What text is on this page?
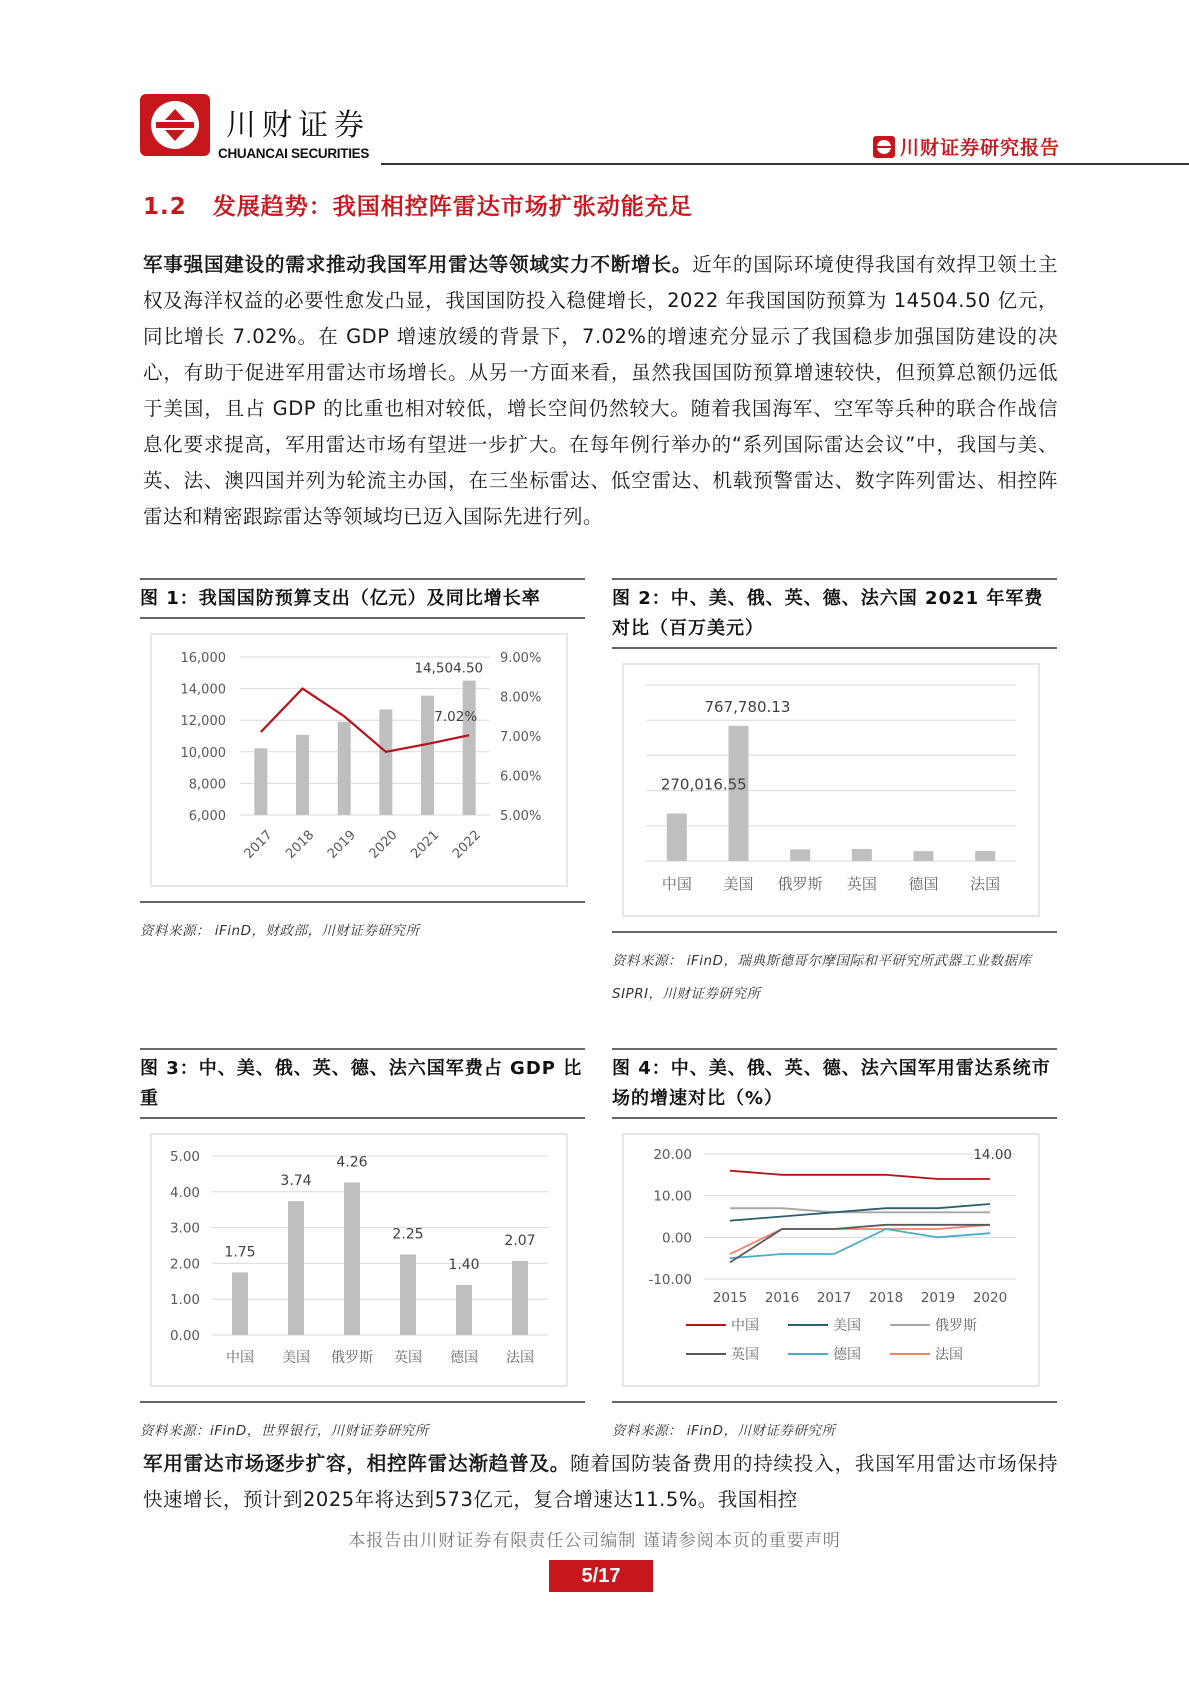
川财证券
CHUANCAI SECURITIES	川财证券研究报告
1.2 发展趋势：我国相控阵雷达市场扩张动能充足
军事强国建设的需求推动我国军用雷达等领域实力不断增长。近年的国际环境使得我国有效捍卫领土主权及海洋权益的必要性愈发凸显，我国国防投入稳健增长，2022 年我国国防预算为 14504.50 亿元，同比增长 7.02%。在 GDP 增速放缓的背景下，7.02%的增速充分显示了我国稳步加强国防建设的决心，有助于促进军用雷达市场增长。从另一方面来看，虽然我国国防预算增速较快，但预算总额仍远低于美国，且占 GDP 的比重也相对较低，增长空间仍然较大。随着我国海军、空军等兵种的联合作战信息化要求提高，军用雷达市场有望进一步扩大。在每年例行举办的“系列国际雷达会议”中，我国与美、英、法、澳四国并列为轮流主办国，在三坐标雷达、低空雷达、机载预警雷达、数字阵列雷达、相控阵雷达和精密跟踪雷达等领域均已迈入国际先进行列。
图 1：我国国防预算支出（亿元）及同比增长率
6,000
8,000
10,000
12,000
14,000
16,000
5.00%
6.00%
7.00%
8.00%
9.00%
2017 2018 2019 2020 2021 2022
14,504.50
7.02%
资料来源： iFinD，财政部，川财证券研究所
图 2：中、美、俄、英、德、法六国 2021 年军费对比（百万美元）
中国 美国 俄罗斯 英国 德国 法国
270,016.55
767,780.13
资料来源： iFinD，瑞典斯德哥尔摩国际和平研究所武器工业数据库 SIPRI，川财证券研究所
图 3：中、美、俄、英、德、法六国军费占 GDP 比重
0.00
1.00
2.00
3.00
4.00
5.00
1.75
中国
3.74
美国
4.26
俄罗斯
2.25
英国
1.40
德国
2.07
法国
资料来源：iFinD，世界银行，川财证券研究所
图 4：中、美、俄、英、德、法六国军用雷达系统市场的增速对比（%）
-10.00
0.00
10.00
20.00
2015 2016 2017 2018 2019 2020
14.00
中国	美国	俄罗斯
英国	德国	法国
资料来源： iFinD，川财证券研究所
军用雷达市场逐步扩容，相控阵雷达渐趋普及。随着国防装备费用的持续投入，我国军用雷达市场保持快速增长，预计到2025年将达到573亿元，复合增速达11.5%。我国相控
本报告由川财证券有限责任公司编制 谨请参阅本页的重要声明
5/17
